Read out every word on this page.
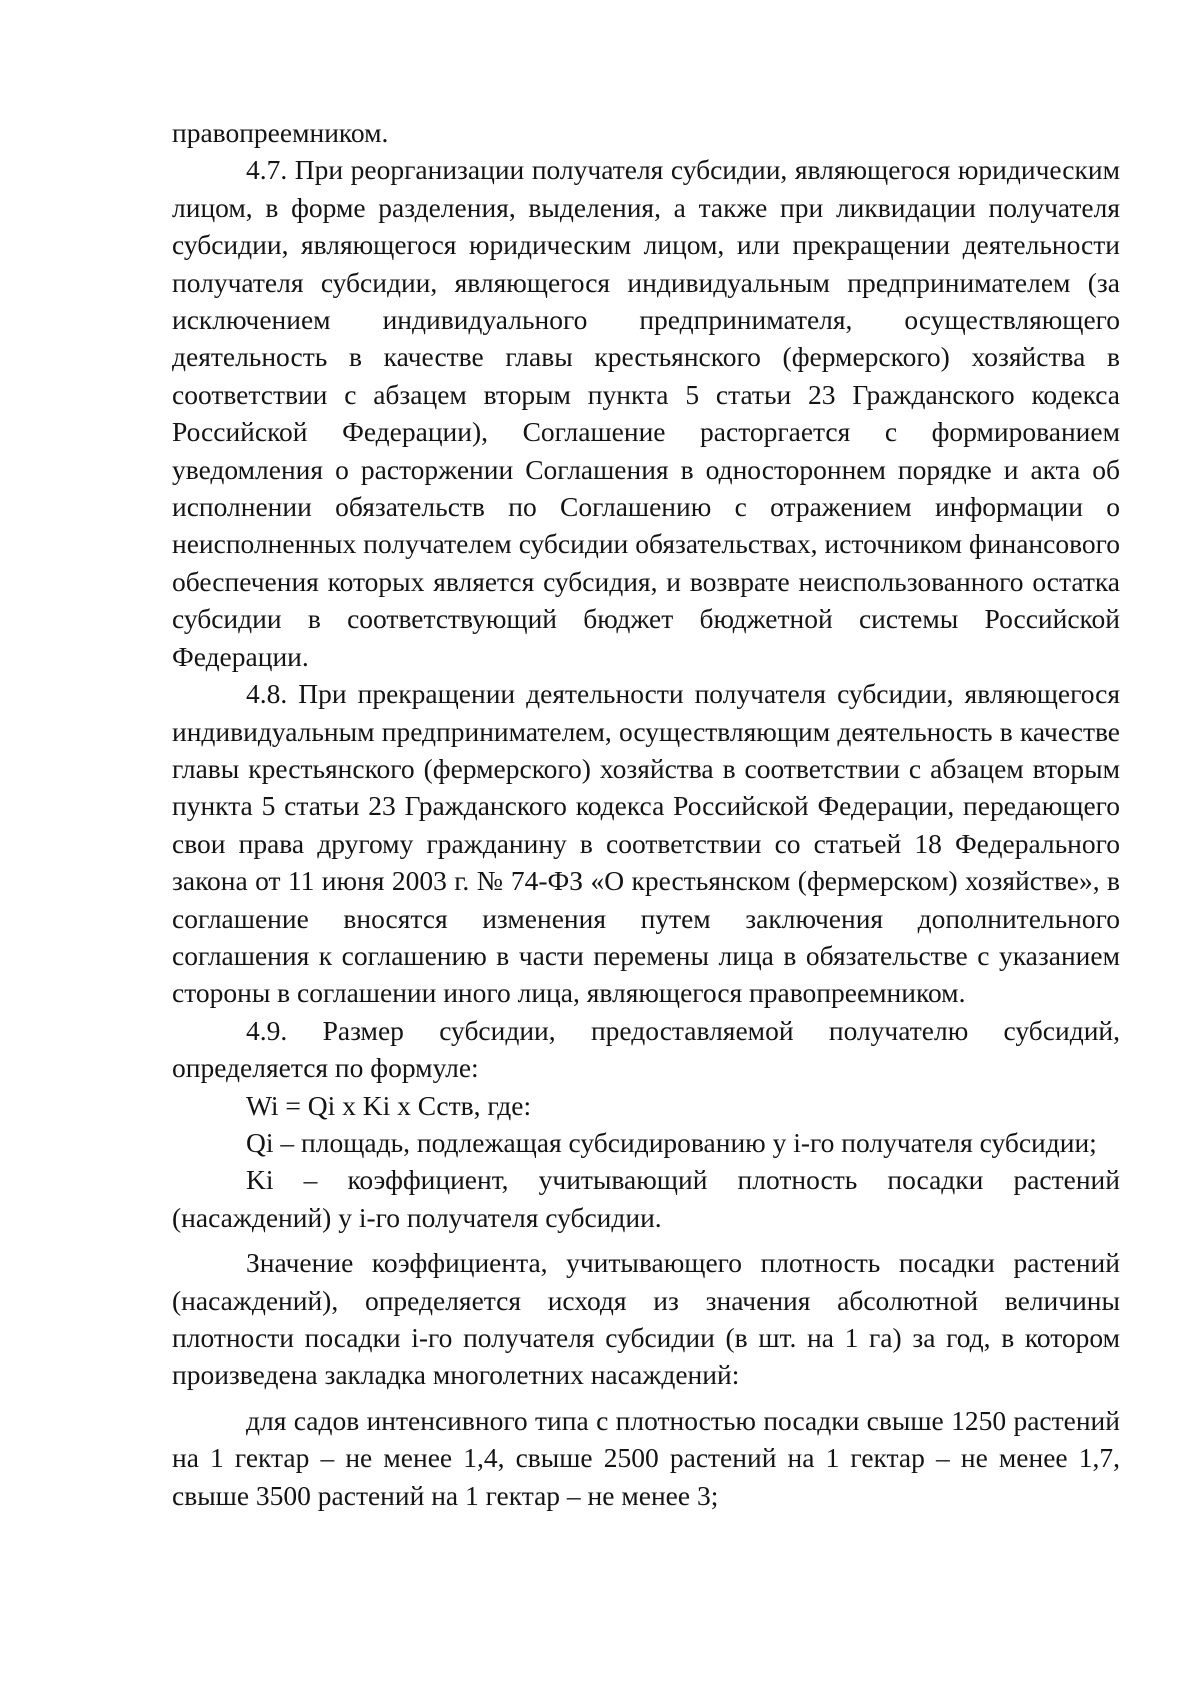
правопреемником.

4.7. При реорганизации получателя субсидии, являющегося юридическим лицом, в форме разделения, выделения, а также при ликвидации получателя субсидии, являющегося юридическим лицом, или прекращении деятельности получателя субсидии, являющегося индивидуальным предпринимателем (за исключением индивидуального предпринимателя, осуществляющего деятельность в качестве главы крестьянского (фермерского) хозяйства в соответствии с абзацем вторым пункта 5 статьи 23 Гражданского кодекса Российской Федерации), Соглашение расторгается с формированием уведомления о расторжении Соглашения в одностороннем порядке и акта об исполнении обязательств по Соглашению с отражением информации о неисполненных получателем субсидии обязательствах, источником финансового обеспечения которых является субсидия, и возврате неиспользованного остатка субсидии в соответствующий бюджет бюджетной системы Российской Федерации.

4.8. При прекращении деятельности получателя субсидии, являющегося индивидуальным предпринимателем, осуществляющим деятельность в качестве главы крестьянского (фермерского) хозяйства в соответствии с абзацем вторым пункта 5 статьи 23 Гражданского кодекса Российской Федерации, передающего свои права другому гражданину в соответствии со статьей 18 Федерального закона от 11 июня 2003 г. № 74-ФЗ «О крестьянском (фермерском) хозяйстве», в соглашение вносятся изменения путем заключения дополнительного соглашения к соглашению в части перемены лица в обязательстве с указанием стороны в соглашении иного лица, являющегося правопреемником.

4.9. Размер субсидии, предоставляемой получателю субсидий, определяется по формуле:

Wi = Qi x Ki x Сств, где:

Qi – площадь, подлежащая субсидированию у i-го получателя субсидии;

Ki – коэффициент, учитывающий плотность посадки растений (насаждений) у i-го получателя субсидии.

Значение коэффициента, учитывающего плотность посадки растений (насаждений), определяется исходя из значения абсолютной величины плотности посадки i-го получателя субсидии (в шт. на 1 га) за год, в котором произведена закладка многолетних насаждений:

для садов интенсивного типа с плотностью посадки свыше 1250 растений на 1 гектар – не менее 1,4, свыше 2500 растений на 1 гектар – не менее 1,7, свыше 3500 растений на 1 гектар – не менее 3;
